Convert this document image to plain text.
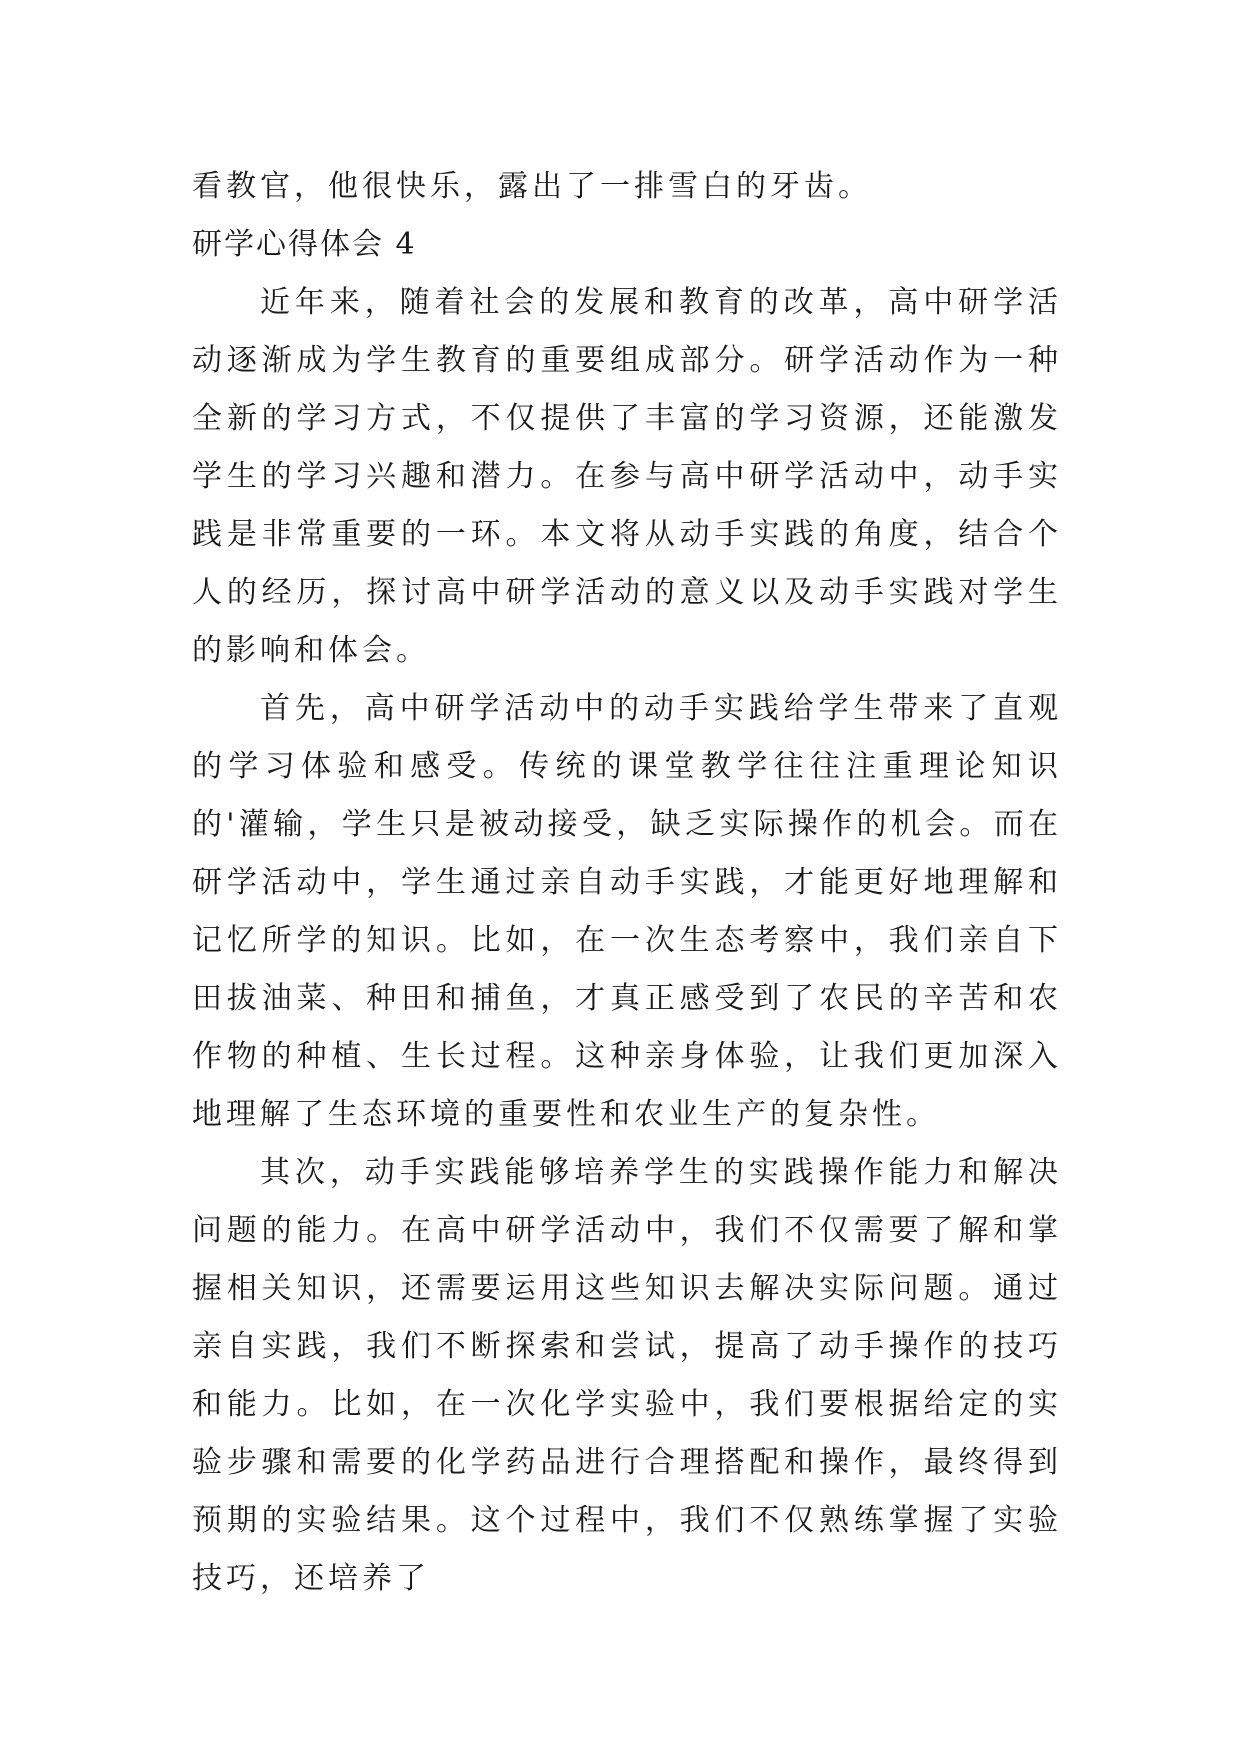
看教官，他很快乐，露出了一排雪白的牙齿。

研学心得体会 4

近年来，随着社会的发展和教育的改革，高中研学活动逐渐成为学生教育的重要组成部分。研学活动作为一种全新的学习方式，不仅提供了丰富的学习资源，还能激发学生的学习兴趣和潜力。在参与高中研学活动中，动手实践是非常重要的一环。本文将从动手实践的角度，结合个人的经历，探讨高中研学活动的意义以及动手实践对学生的影响和体会。

首先，高中研学活动中的动手实践给学生带来了直观的学习体验和感受。传统的课堂教学往往注重理论知识的'灌输，学生只是被动接受，缺乏实际操作的机会。而在研学活动中，学生通过亲自动手实践，才能更好地理解和记忆所学的知识。比如，在一次生态考察中，我们亲自下田拔油菜、种田和捕鱼，才真正感受到了农民的辛苦和农作物的种植、生长过程。这种亲身体验，让我们更加深入地理解了生态环境的重要性和农业生产的复杂性。

其次，动手实践能够培养学生的实践操作能力和解决问题的能力。在高中研学活动中，我们不仅需要了解和掌握相关知识，还需要运用这些知识去解决实际问题。通过亲自实践，我们不断探索和尝试，提高了动手操作的技巧和能力。比如，在一次化学实验中，我们要根据给定的实验步骤和需要的化学药品进行合理搭配和操作，最终得到预期的实验结果。这个过程中，我们不仅熟练掌握了实验技巧，还培养了
